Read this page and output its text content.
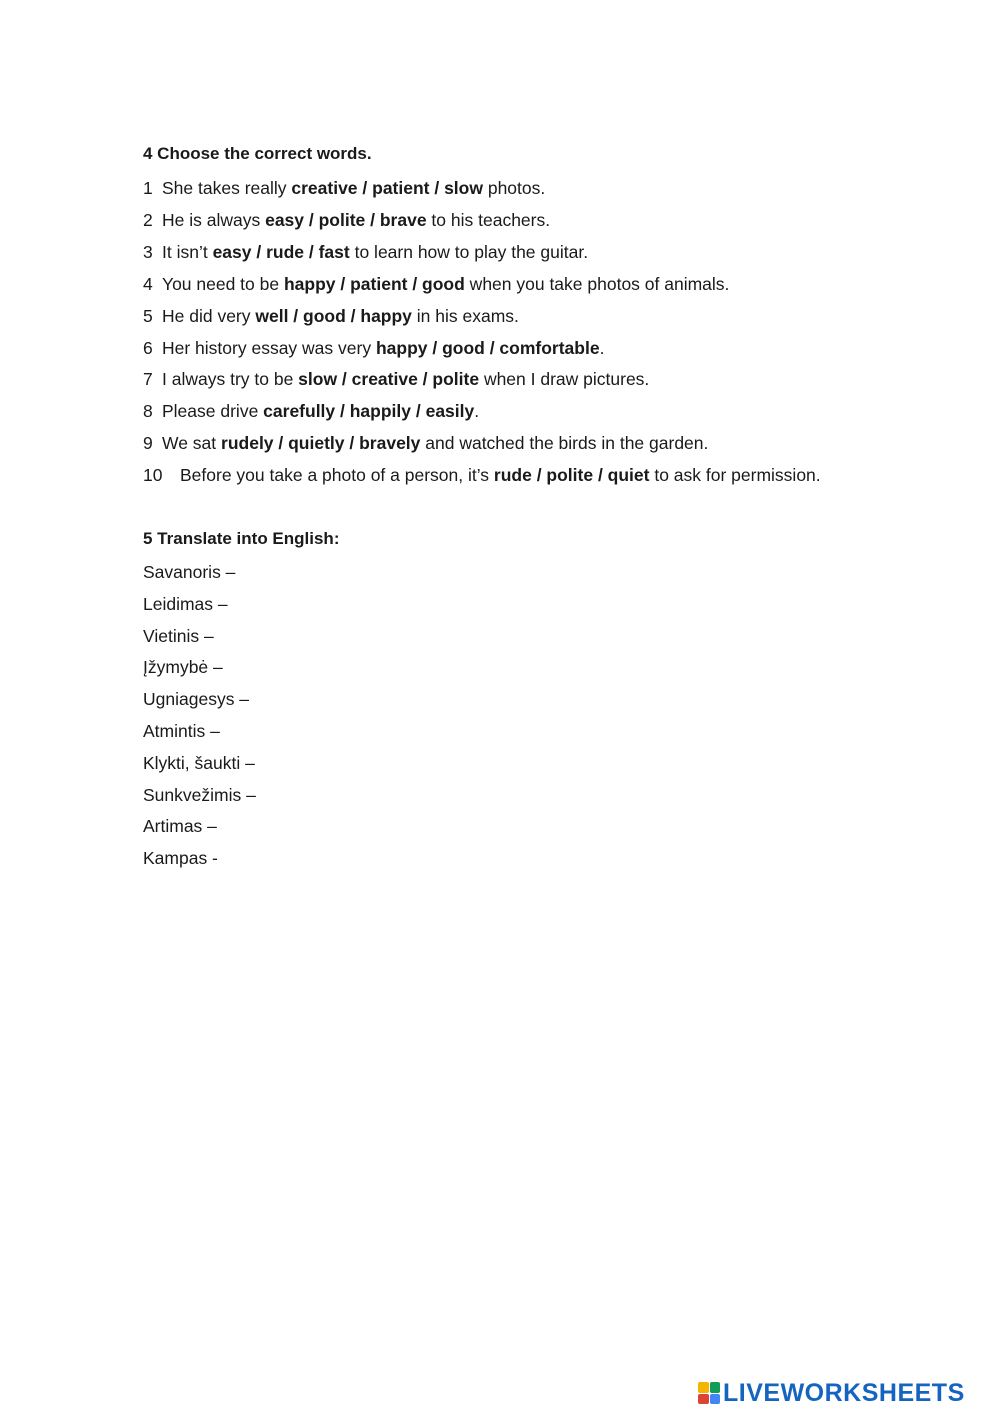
4 Choose the correct words.
1 She takes really creative / patient / slow photos.
2 He is always easy / polite / brave to his teachers.
3 It isn’t easy / rude / fast to learn how to play the guitar.
4 You need to be happy / patient / good when you take photos of animals.
5 He did very well / good / happy in his exams.
6 Her history essay was very happy / good / comfortable.
7 I always try to be slow / creative / polite when I draw pictures.
8 Please drive carefully / happily / easily.
9 We sat rudely / quietly / bravely and watched the birds in the garden.
10 Before you take a photo of a person, it’s rude / polite / quiet to ask for permission.
5 Translate into English:
Savanoris –
Leidimas –
Vietinis –
Įžymybė –
Ugniagesys –
Atmintis –
Klykti, šaukti –
Sunkvežimis –
Artimas –
Kampas -
LIVEWORKSHEETS
